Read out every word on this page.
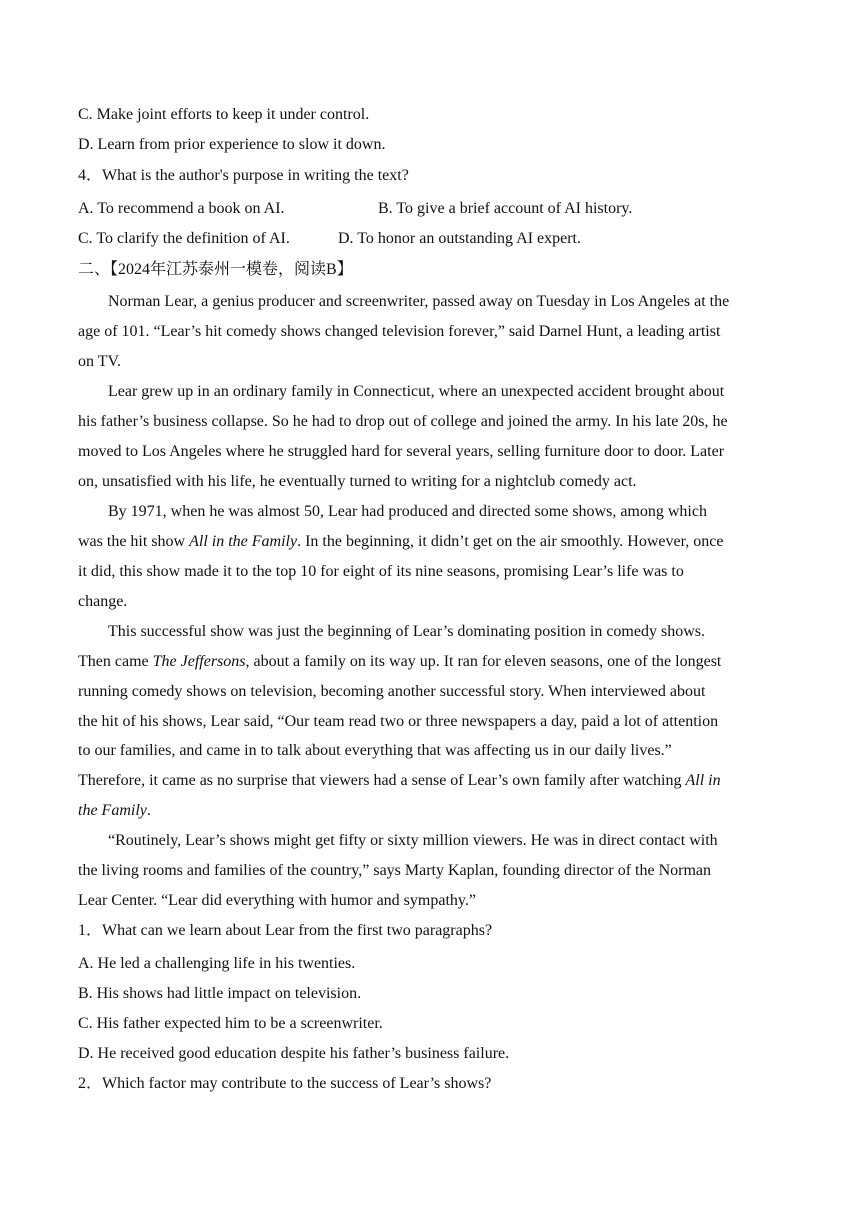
C. Make joint efforts to keep it under control.
D. Learn from prior experience to slow it down.
4．What is the author's purpose in writing the text?
A. To recommend a book on AI.	B. To give a brief account of AI history.
C. To clarify the definition of AI.	D. To honor an outstanding AI expert.
二、【2024年江苏泰州一模卷，阅读B】
Norman Lear, a genius producer and screenwriter, passed away on Tuesday in Los Angeles at the
age of 101. “Lear’s hit comedy shows changed television forever,” said Darnel Hunt, a leading artist
on TV.
Lear grew up in an ordinary family in Connecticut, where an unexpected accident brought about
his father’s business collapse. So he had to drop out of college and joined the army. In his late 20s, he
moved to Los Angeles where he struggled hard for several years, selling furniture door to door. Later
on, unsatisfied with his life, he eventually turned to writing for a nightclub comedy act.
By 1971, when he was almost 50, Lear had produced and directed some shows, among which
was the hit show All in the Family. In the beginning, it didn’t get on the air smoothly. However, once
it did, this show made it to the top 10 for eight of its nine seasons, promising Lear’s life was to
change.
This successful show was just the beginning of Lear’s dominating position in comedy shows.
Then came The Jeffersons, about a family on its way up. It ran for eleven seasons, one of the longest
running comedy shows on television, becoming another successful story. When interviewed about
the hit of his shows, Lear said, “Our team read two or three newspapers a day, paid a lot of attention
to our families, and came in to talk about everything that was affecting us in our daily lives.”
Therefore, it came as no surprise that viewers had a sense of Lear’s own family after watching All in
the Family.
“Routinely, Lear’s shows might get fifty or sixty million viewers. He was in direct contact with
the living rooms and families of the country,” says Marty Kaplan, founding director of the Norman
Lear Center. “Lear did everything with humor and sympathy.”
1．What can we learn about Lear from the first two paragraphs?
A. He led a challenging life in his twenties.
B. His shows had little impact on television.
C. His father expected him to be a screenwriter.
D. He received good education despite his father’s business failure.
2．Which factor may contribute to the success of Lear’s shows?
